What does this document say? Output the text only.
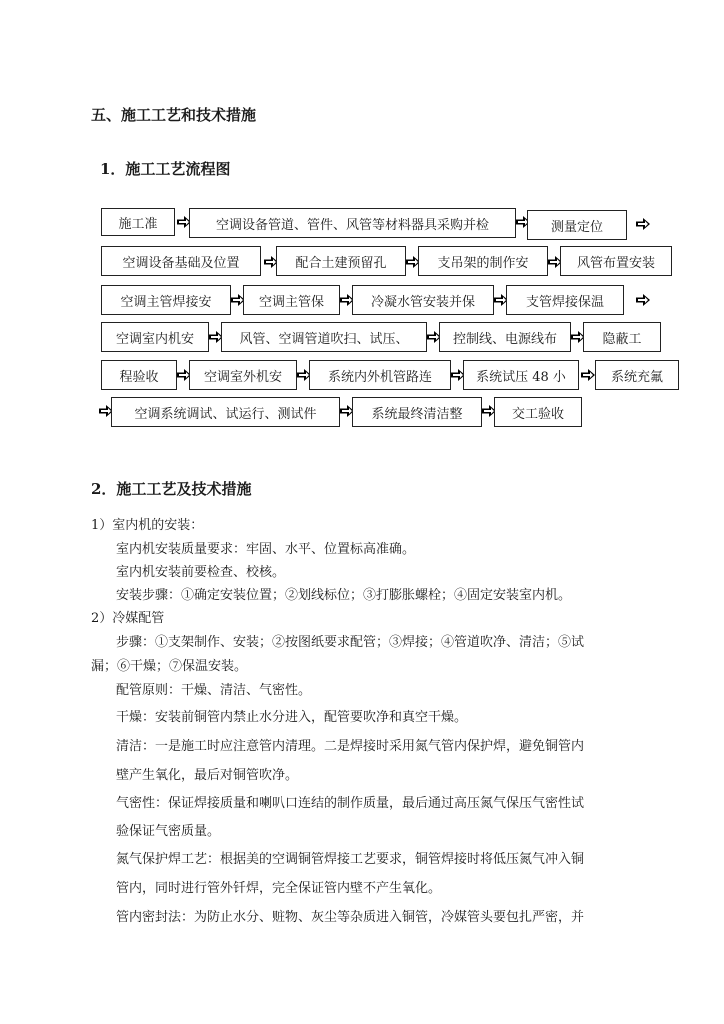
五、施工工艺和技术措施
1．施工工艺流程图
施工准	空调设备管道、管件、风管等材料器具采购并检	测量定位
空调设备基础及位置	配合土建预留孔	支吊架的制作安	风管布置安装
空调主管焊接安	空调主管保	冷凝水管安装并保	支管焊接保温
空调室内机安	风管、空调管道吹扫、试压、	控制线、电源线布	隐蔽工
程验收	空调室外机安	系统内外机管路连	系统试压 48 小	系统充氟
空调系统调试、试运行、测试件	系统最终清洁整	交工验收
2．施工工艺及技术措施
1）室内机的安装：
室内机安装质量要求：牢固、水平、位置标高准确。
室内机安装前要检查、校核。
安装步骤：①确定安装位置；②划线标位；③打膨胀螺栓；④固定安装室内机。
2）冷媒配管
步骤：①支架制作、安装；②按图纸要求配管；③焊接；④管道吹净、清洁；⑤试
漏；⑥干燥；⑦保温安装。
配管原则：干燥、清洁、气密性。
干燥：安装前铜管内禁止水分进入，配管要吹净和真空干燥。
清洁：一是施工时应注意管内清理。二是焊接时采用氮气管内保护焊，避免铜管内
壁产生氧化，最后对铜管吹净。
气密性：保证焊接质量和喇叭口连结的制作质量，最后通过高压氮气保压气密性试
验保证气密质量。
氮气保护焊工艺：根据美的空调铜管焊接工艺要求，铜管焊接时将低压氮气冲入铜
管内，同时进行管外钎焊，完全保证管内壁不产生氧化。
管内密封法：为防止水分、赃物、灰尘等杂质进入铜管，冷媒管头要包扎严密，并
